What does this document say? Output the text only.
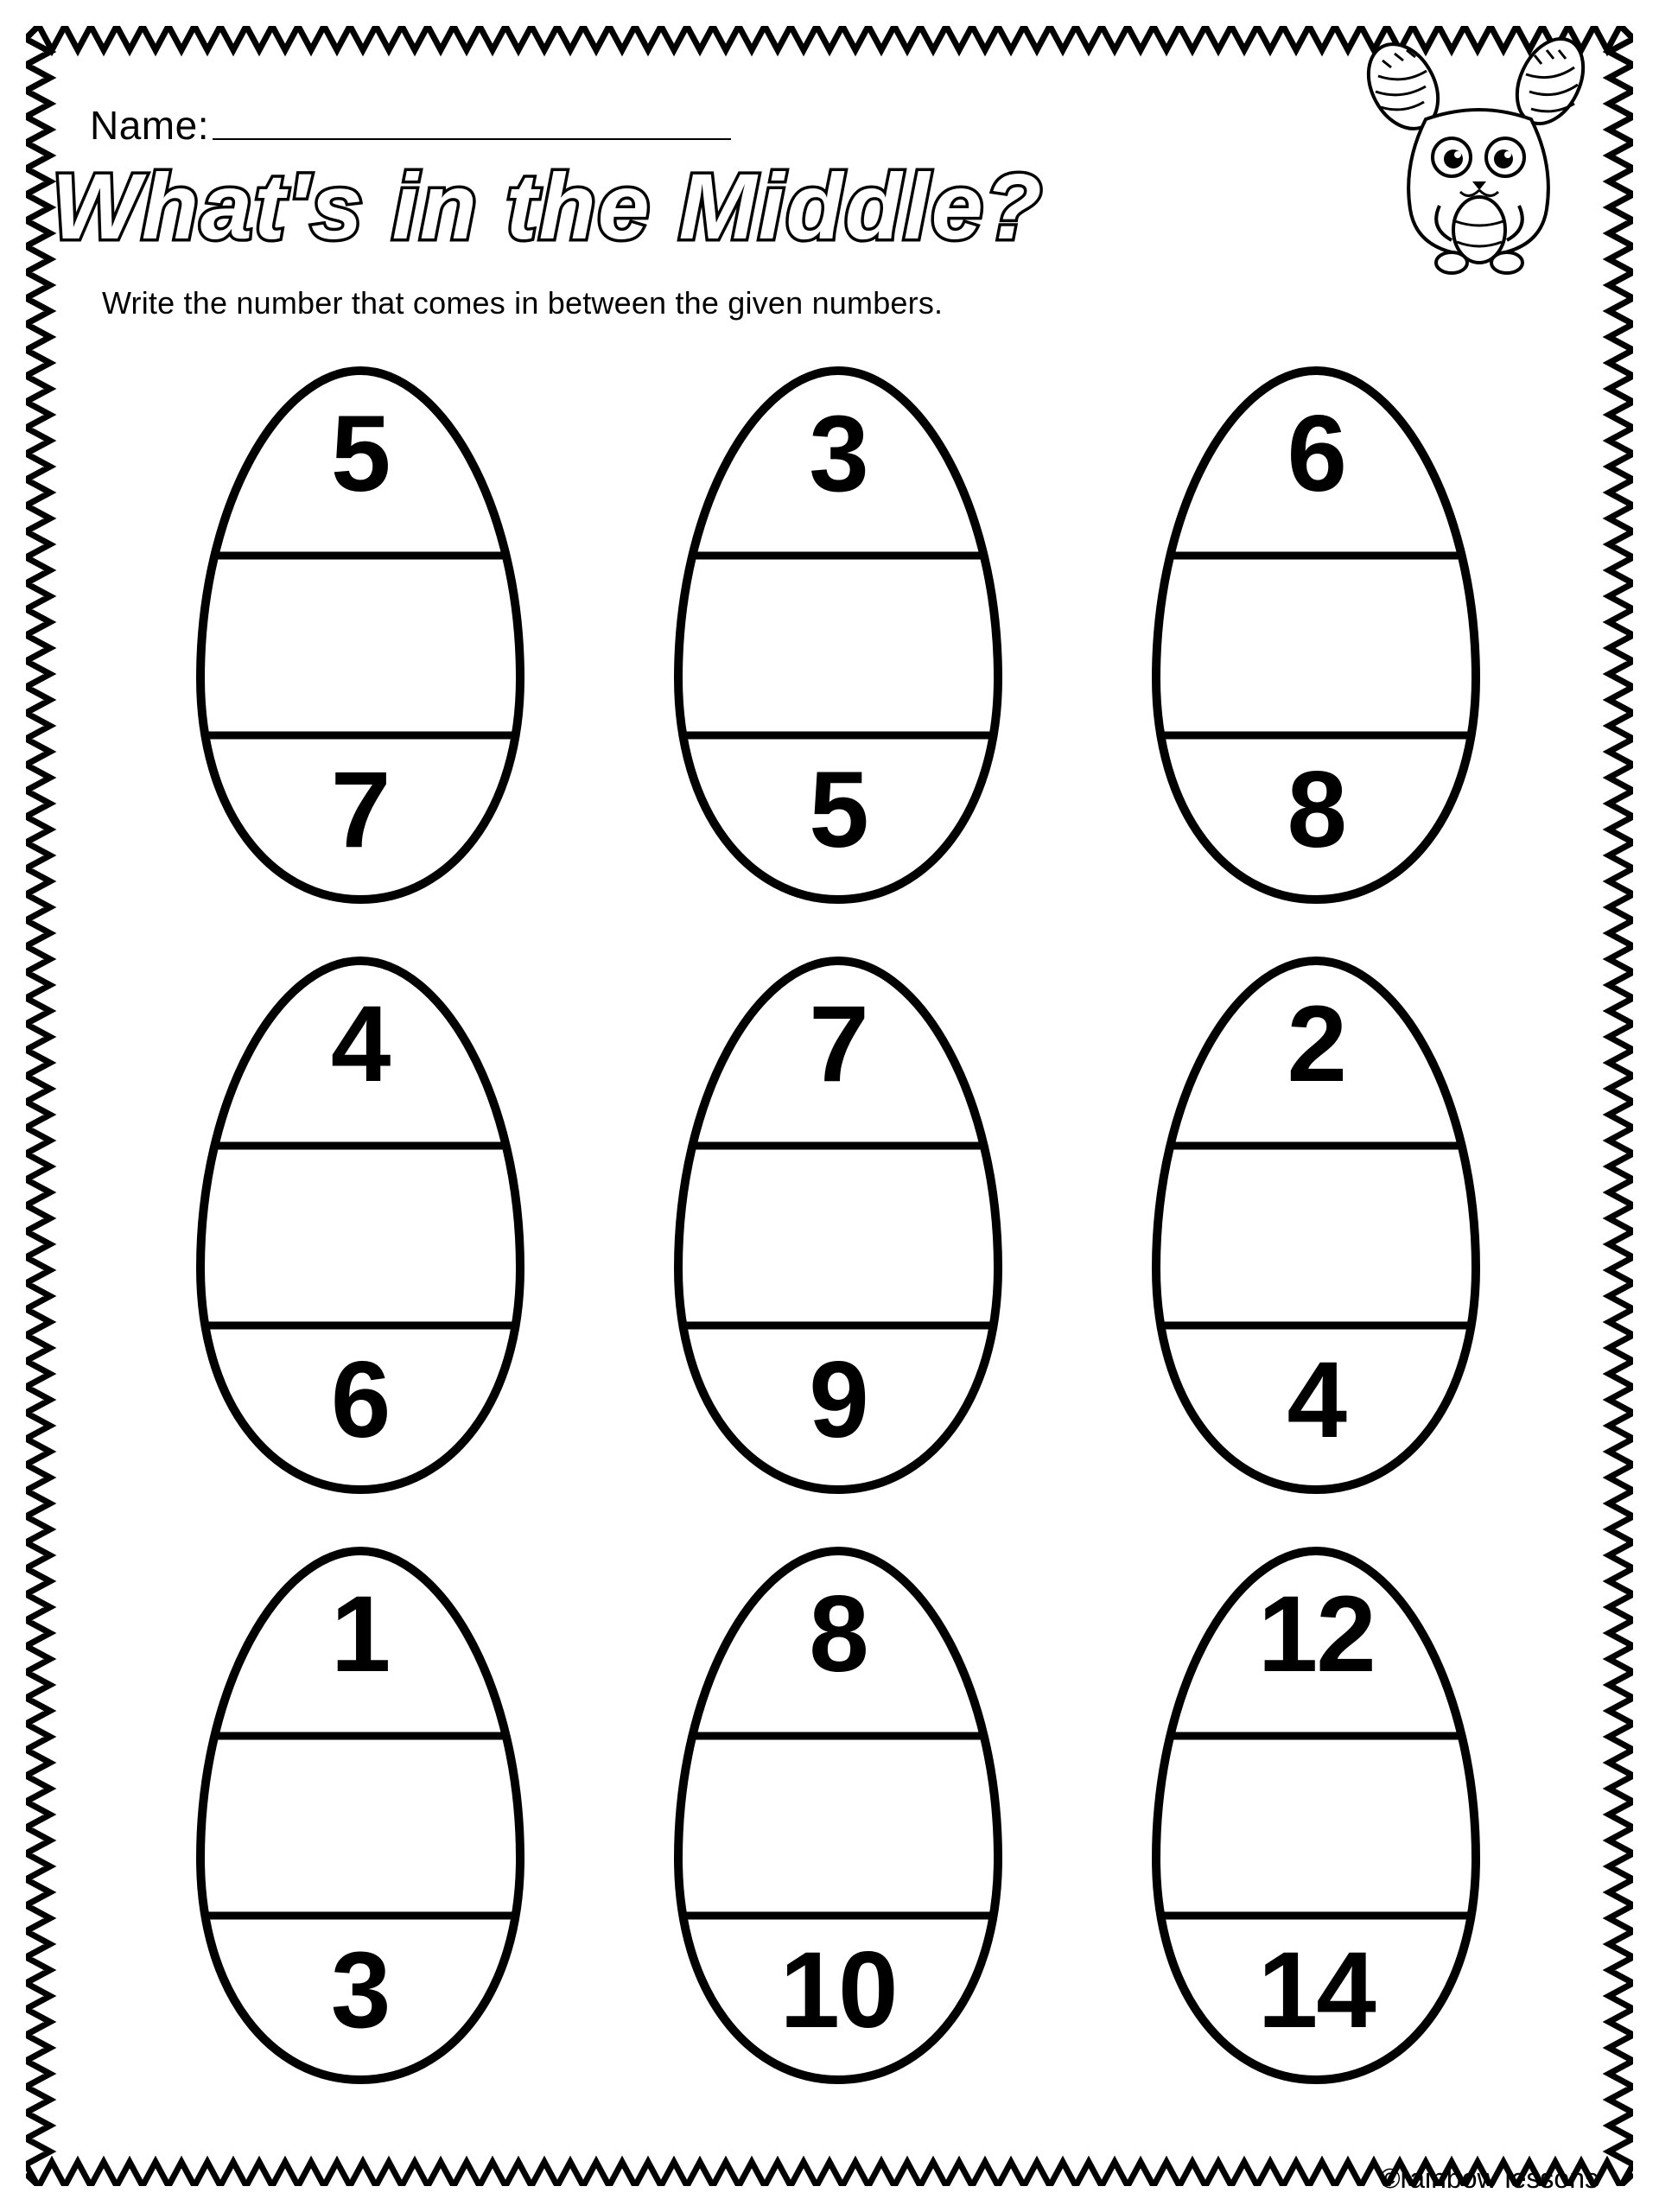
Name:
What's in the Middle?
Write the number that comes in between the given numbers.
5
7
3
5
6
8
4
6
7
9
2
4
1
3
8
10
12
14
©rainbow lessons
